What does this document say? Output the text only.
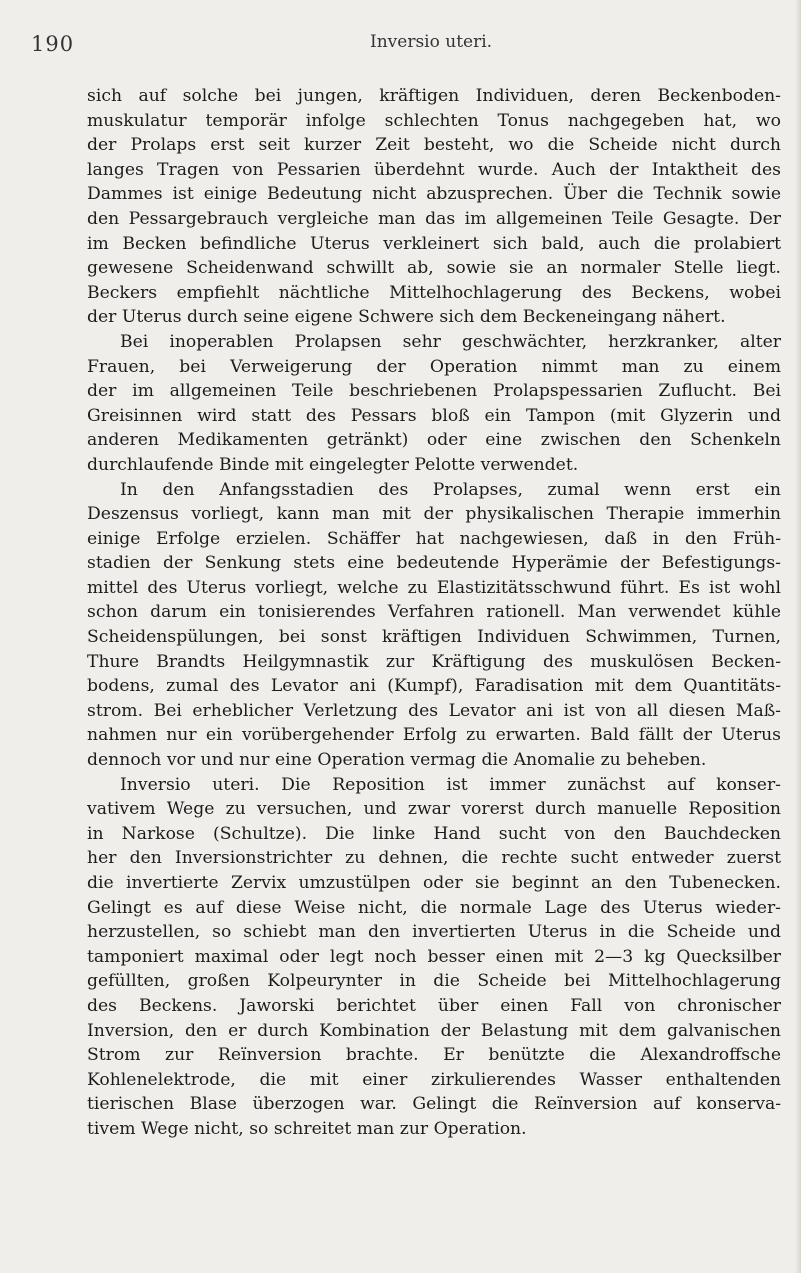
190	Inversio uteri.
sich auf solche bei jungen, kräftigen Individuen, deren Beckenboden-
muskulatur temporär infolge schlechten Tonus nachgegeben hat, wo
der Prolaps erst seit kurzer Zeit besteht, wo die Scheide nicht durch
langes Tragen von Pessarien überdehnt wurde. Auch der Intaktheit des
Dammes ist einige Bedeutung nicht abzusprechen. Über die Technik sowie
den Pessargebrauch vergleiche man das im allgemeinen Teile Gesagte. Der
im Becken befindliche Uterus verkleinert sich bald, auch die prolabiert
gewesene Scheidenwand schwillt ab, sowie sie an normaler Stelle liegt.
Beckers empfiehlt nächtliche Mittelhochlagerung des Beckens, wobei
der Uterus durch seine eigene Schwere sich dem Beckeneingang nähert.
Bei inoperablen Prolapsen sehr geschwächter, herzkranker, alter
Frauen, bei Verweigerung der Operation nimmt man zu einem
der im allgemeinen Teile beschriebenen Prolapspessarien Zuflucht. Bei
Greisinnen wird statt des Pessars bloß ein Tampon (mit Glyzerin und
anderen Medikamenten getränkt) oder eine zwischen den Schenkeln
durchlaufende Binde mit eingelegter Pelotte verwendet.
In den Anfangsstadien des Prolapses, zumal wenn erst ein
Deszensus vorliegt, kann man mit der physikalischen Therapie immerhin
einige Erfolge erzielen. Schäffer hat nachgewiesen, daß in den Früh-
stadien der Senkung stets eine bedeutende Hyperämie der Befestigungs-
mittel des Uterus vorliegt, welche zu Elastizitätsschwund führt. Es ist wohl
schon darum ein tonisierendes Verfahren rationell. Man verwendet kühle
Scheidenspülungen, bei sonst kräftigen Individuen Schwimmen, Turnen,
Thure Brandts Heilgymnastik zur Kräftigung des muskulösen Becken-
bodens, zumal des Levator ani (Kumpf), Faradisation mit dem Quantitäts-
strom. Bei erheblicher Verletzung des Levator ani ist von all diesen Maß-
nahmen nur ein vorübergehender Erfolg zu erwarten. Bald fällt der Uterus
dennoch vor und nur eine Operation vermag die Anomalie zu beheben.
Inversio uteri. Die Reposition ist immer zunächst auf konser-
vativem Wege zu versuchen, und zwar vorerst durch manuelle Reposition
in Narkose (Schultze). Die linke Hand sucht von den Bauchdecken
her den Inversionstrichter zu dehnen, die rechte sucht entweder zuerst
die invertierte Zervix umzustülpen oder sie beginnt an den Tubenecken.
Gelingt es auf diese Weise nicht, die normale Lage des Uterus wieder-
herzustellen, so schiebt man den invertierten Uterus in die Scheide und
tamponiert maximal oder legt noch besser einen mit 2—3 kg Quecksilber
gefüllten, großen Kolpeurynter in die Scheide bei Mittelhochlagerung
des Beckens. Jaworski berichtet über einen Fall von chronischer
Inversion, den er durch Kombination der Belastung mit dem galvanischen
Strom zur Reïnversion brachte. Er benützte die Alexandroffsche
Kohlenelektrode, die mit einer zirkulierendes Wasser enthaltenden
tierischen Blase überzogen war. Gelingt die Reïnversion auf konserva-
tivem Wege nicht, so schreitet man zur Operation.
